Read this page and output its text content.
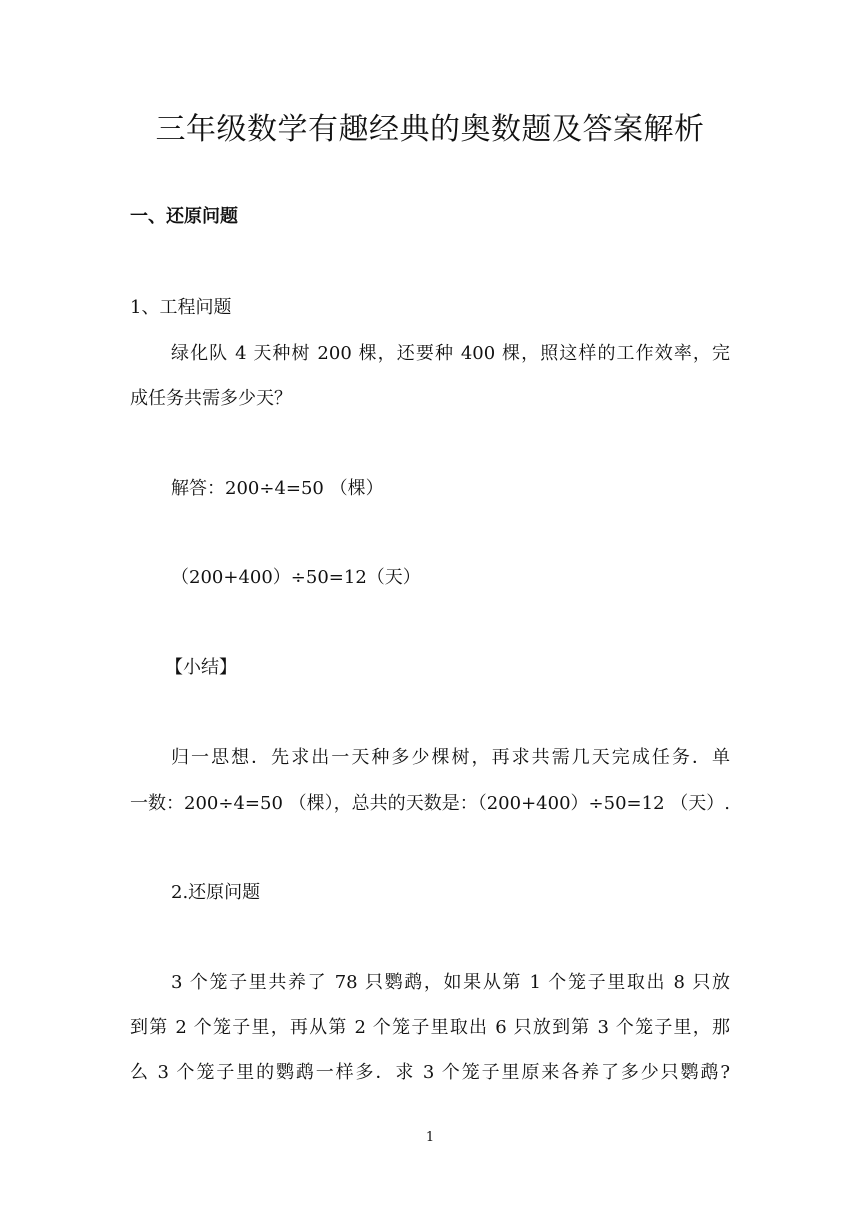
三年级数学有趣经典的奥数题及答案解析
一、还原问题
1、工程问题
绿化队 4 天种树 200 棵，还要种 400 棵，照这样的工作效率，完
成任务共需多少天？
解答：200÷4=50 （棵）
（200+400）÷50=12（天）
【小结】
归一思想．先求出一天种多少棵树，再求共需几天完成任务．单
一数：200÷4=50 （棵），总共的天数是：（200+400）÷50=12 （天）.
2.还原问题
3 个笼子里共养了 78 只鹦鹉，如果从第 1 个笼子里取出 8 只放
到第 2 个笼子里，再从第 2 个笼子里取出 6 只放到第 3 个笼子里，那
么 3 个笼子里的鹦鹉一样多．求 3 个笼子里原来各养了多少只鹦鹉?
1
